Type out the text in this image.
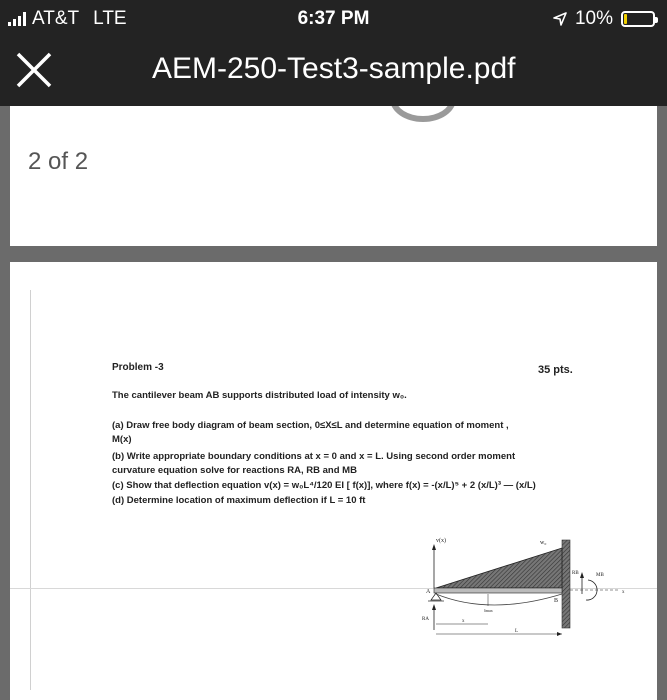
AT&T LTE	6:37 PM	10%
AEM-250-Test3-sample.pdf
2 of 2
Problem -3	35 pts.
The cantilever beam AB supports distributed load of intensity w₀.
(a) Draw free body diagram of beam section, 0≤X≤L and determine equation of moment ,
M(x)
(b) Write appropriate boundary conditions at x = 0 and x = L. Using second order moment
curvature equation solve for reactions RA, RB and MB
(c) Show that deflection equation v(x) = w₀L⁴/120 EI [ f(x)], where f(x) = -(x/L)⁵ + 2 (x/L)³ — (x/L)
(d) Determine location of maximum deflection if L = 10 ft
v(x)	w₀
A
B
δmax
RA	x
L
RB	MB
x
